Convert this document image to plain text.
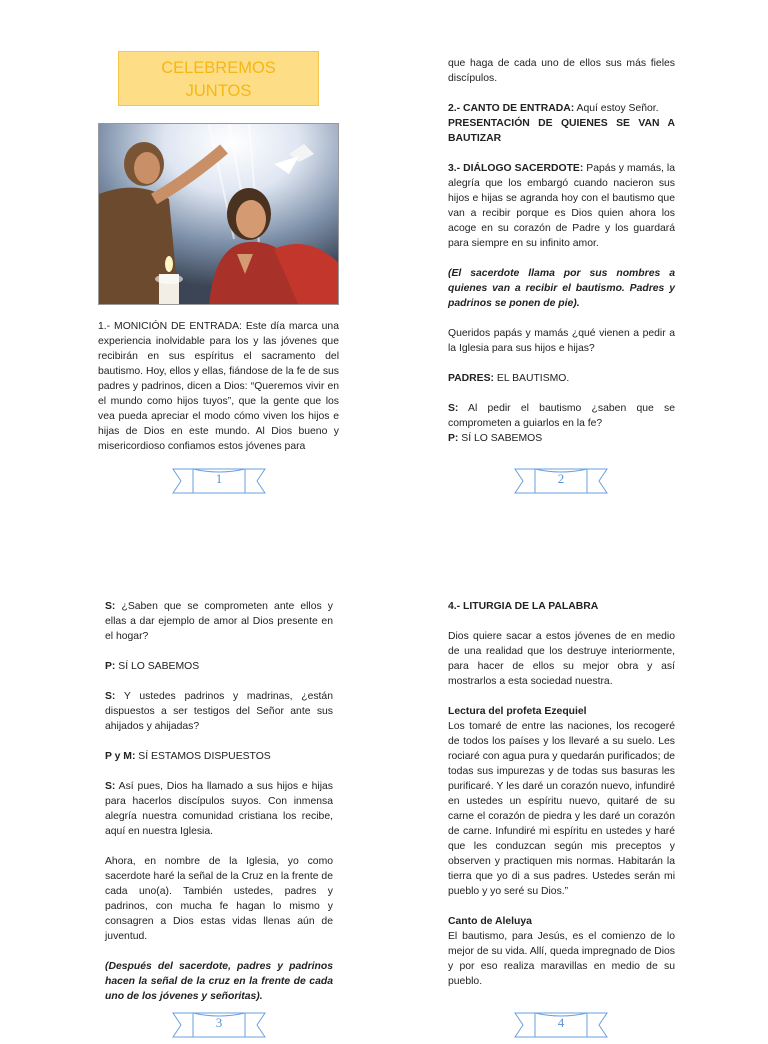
CELEBREMOS
JUNTOS

1.- MONICIÓN DE ENTRADA: Este día marca una experiencia inolvidable para los y las jóvenes que recibirán en sus espíritus el sacramento del bautismo. Hoy, ellos y ellas, fiándose de la fe de sus padres y padrinos, dicen a Dios: “Queremos vivir en el mundo como hijos tuyos”, que la gente que los vea pueda apreciar el modo cómo viven los hijos e hijas de Dios en este mundo. Al Dios bueno y misericordioso confiamos estos jóvenes para

1

que haga de cada uno de ellos sus más fieles discípulos.

2.- CANTO DE ENTRADA: Aquí estoy Señor.

PRESENTACIÓN DE QUIENES SE VAN A BAUTIZAR

3.- DIÁLOGO SACERDOTE: Papás y mamás, la alegría que los embargó cuando nacieron sus hijos e hijas se agranda hoy con el bautismo que van a recibir porque es Dios quien ahora los acoge en su corazón de Padre y los guardará para siempre en su infinito amor.

(El sacerdote llama por sus nombres a quienes van a recibir el bautismo. Padres y padrinos se ponen de pie).

Queridos papás y mamás ¿qué vienen a pedir a la Iglesia para sus hijos e hijas?

PADRES: EL BAUTISMO.

S: Al pedir el bautismo ¿saben que se comprometen a guiarlos en la fe?

P: SÍ LO SABEMOS

2

S: ¿Saben que se comprometen ante ellos y ellas a dar ejemplo de amor al Dios presente en el hogar?

P: SÍ LO SABEMOS

S: Y ustedes padrinos y madrinas, ¿están dispuestos a ser testigos del Señor ante sus ahijados y ahijadas?

P y M: SÍ ESTAMOS DISPUESTOS

S: Así pues, Dios ha llamado a sus hijos e hijas para hacerlos discípulos suyos. Con inmensa alegría nuestra comunidad cristiana los recibe, aquí en nuestra Iglesia.

Ahora, en nombre de la Iglesia, yo como sacerdote haré la señal de la Cruz en la frente de cada uno(a). También ustedes, padres y padrinos, con mucha fe hagan lo mismo y consagren a Dios estas vidas llenas aún de juventud.

(Después del sacerdote, padres y padrinos hacen la señal de la cruz en la frente de cada uno de los jóvenes y señoritas).

3

4.- LITURGIA DE LA PALABRA

Dios quiere sacar a estos jóvenes de en medio de una realidad que los destruye interiormente, para hacer de ellos su mejor obra y así mostrarlos a esta sociedad nuestra.

Lectura del profeta Ezequiel

Los tomaré de entre las naciones, los recogeré de todos los países y los llevaré a su suelo. Les rociaré con agua pura y quedarán purificados; de todas sus impurezas y de todas sus basuras les purificaré. Y les daré un corazón nuevo, infundiré en ustedes un espíritu nuevo, quitaré de su carne el corazón de piedra y les daré un corazón de carne. Infundiré mi espíritu en ustedes y haré que les conduzcan según mis preceptos y observen y practiquen mis normas. Habitarán la tierra que yo di a sus padres. Ustedes serán mi pueblo y yo seré su Dios.”

Canto de Aleluya

El bautismo, para Jesús, es el comienzo de lo mejor de su vida. Allí, queda impregnado de Dios y por eso realiza maravillas en medio de su pueblo.

4
